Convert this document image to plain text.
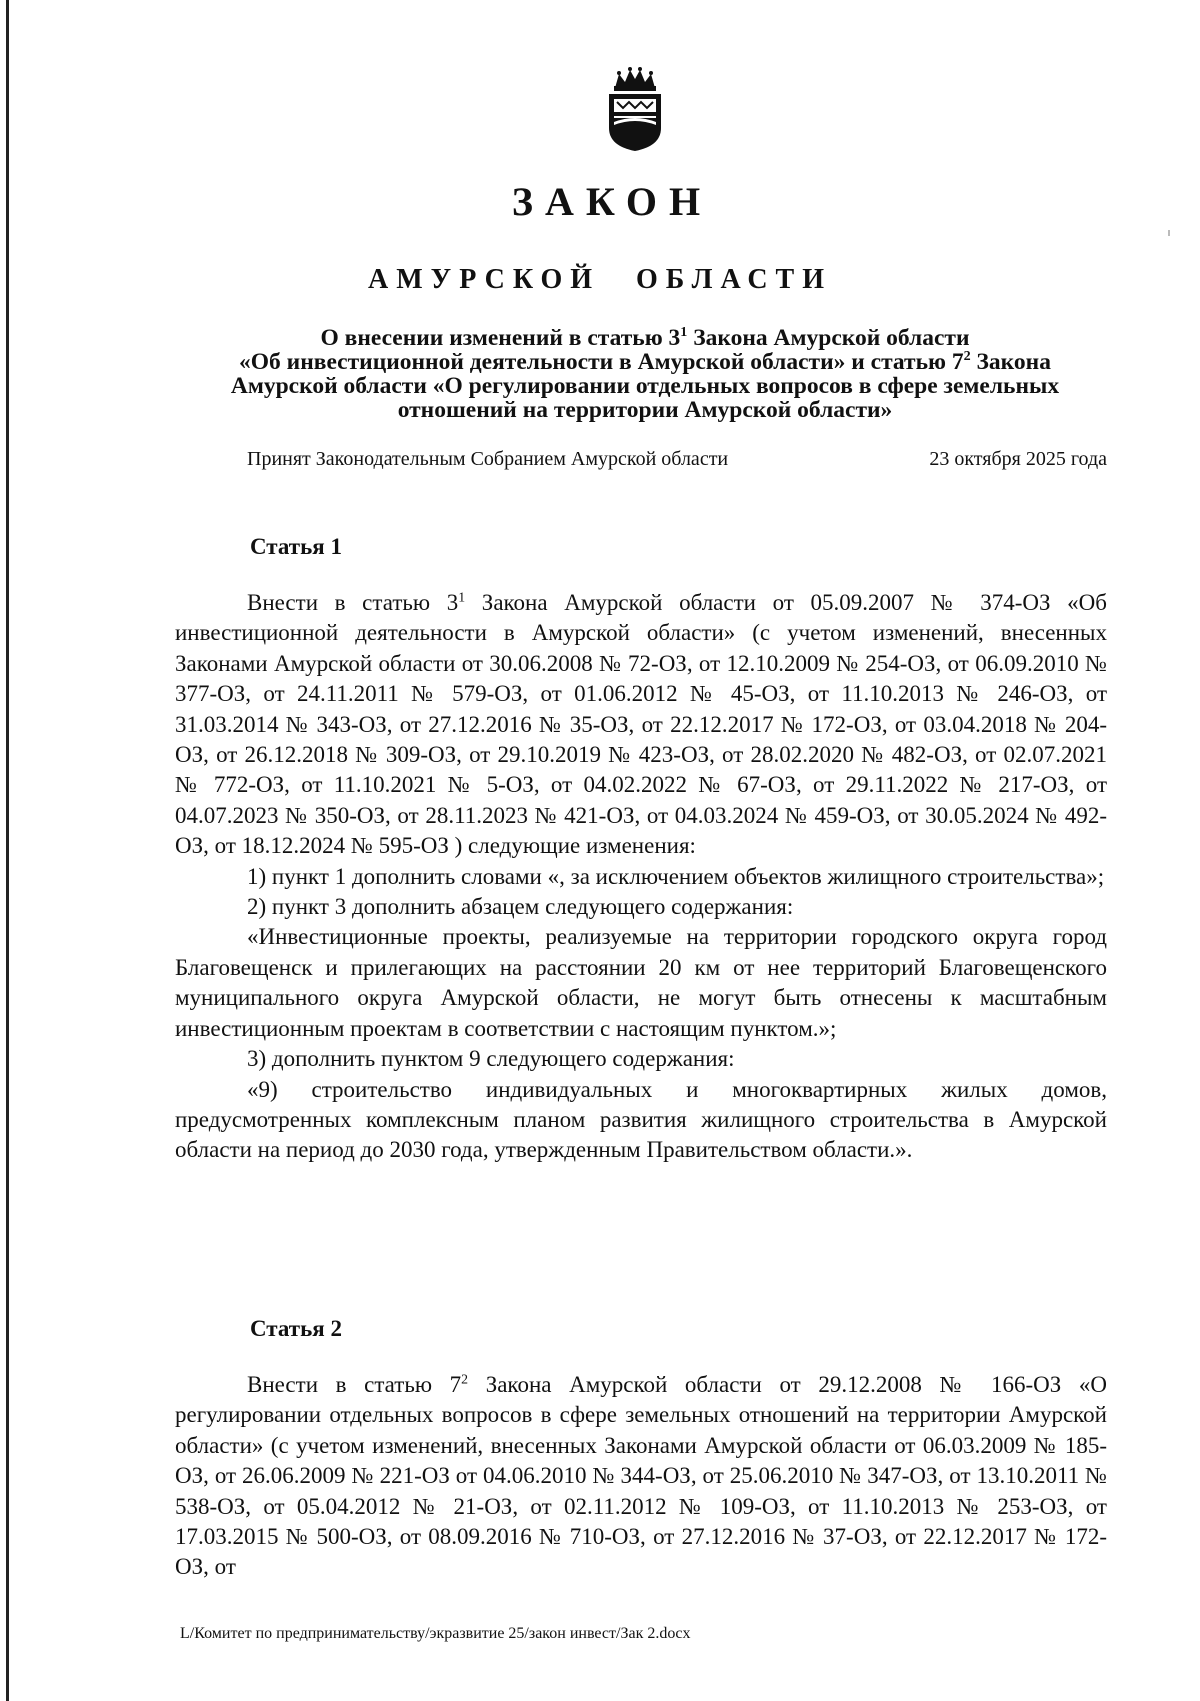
ЗАКОН
АМУРСКОЙ ОБЛАСТИ

О внесении изменений в статью $3^1$ Закона Амурской области

«Об инвестиционной деятельности в Амурской области» и статью $7^2$ Закона

Амурской области «О регулировании отдельных вопросов в сфере земельных

отношений на территории Амурской области»

Принят Законодательным Собранием Амурской области	23 октября 2025 года
Статья 1

Внести в статью $3^1$ Закона Амурской области от 05.09.2007 № 374-ОЗ «Об инвестиционной деятельности в Амурской области» (с учетом изменений, внесенных Законами Амурской области от 30.06.2008 № 72-ОЗ, от 12.10.2009 № 254-ОЗ, от 06.09.2010 № 377-ОЗ, от 24.11.2011 № 579-ОЗ, от 01.06.2012 № 45-ОЗ, от 11.10.2013 № 246-ОЗ, от 31.03.2014 № 343-ОЗ, от 27.12.2016 № 35-ОЗ, от 22.12.2017 № 172-ОЗ, от 03.04.2018 № 204-ОЗ, от 26.12.2018 № 309-ОЗ, от 29.10.2019 № 423-ОЗ, от 28.02.2020 № 482-ОЗ, от 02.07.2021 № 772-ОЗ, от 11.10.2021 № 5-ОЗ, от 04.02.2022 № 67-ОЗ, от 29.11.2022 № 217-ОЗ, от 04.07.2023 № 350-ОЗ, от 28.11.2023 № 421-ОЗ, от 04.03.2024 № 459-ОЗ, от 30.05.2024 № 492-ОЗ, от 18.12.2024 № 595-ОЗ ) следующие изменения:

1) пункт 1 дополнить словами «, за исключением объектов жилищного строительства»;

2) пункт 3 дополнить абзацем следующего содержания:

«Инвестиционные проекты, реализуемые на территории городского округа город Благовещенск и прилегающих на расстоянии 20 км от нее территорий Благовещенского муниципального округа Амурской области, не могут быть отнесены к масштабным инвестиционным проектам в соответствии с настоящим пунктом.»;

3) дополнить пунктом 9 следующего содержания:

«9) строительство индивидуальных и многоквартирных жилых домов, предусмотренных комплексным планом развития жилищного строительства в Амурской области на период до 2030 года, утвержденным Правительством области.».

Статья 2

Внести в статью $7^2$ Закона Амурской области от 29.12.2008 № 166-ОЗ «О регулировании отдельных вопросов в сфере земельных отношений на территории Амурской области» (с учетом изменений, внесенных Законами Амурской области от 06.03.2009 № 185-ОЗ, от 26.06.2009 № 221-ОЗ от 04.06.2010 № 344-ОЗ, от 25.06.2010 № 347-ОЗ, от 13.10.2011 № 538-ОЗ, от 05.04.2012 № 21-ОЗ, от 02.11.2012 № 109-ОЗ, от 11.10.2013 № 253-ОЗ, от 17.03.2015 № 500-ОЗ, от 08.09.2016 № 710-ОЗ, от 27.12.2016 № 37-ОЗ, от 22.12.2017 № 172-ОЗ, от

L/Комитет по предпринимательству/экразвитие 25/закон инвест/Зак 2.docx
